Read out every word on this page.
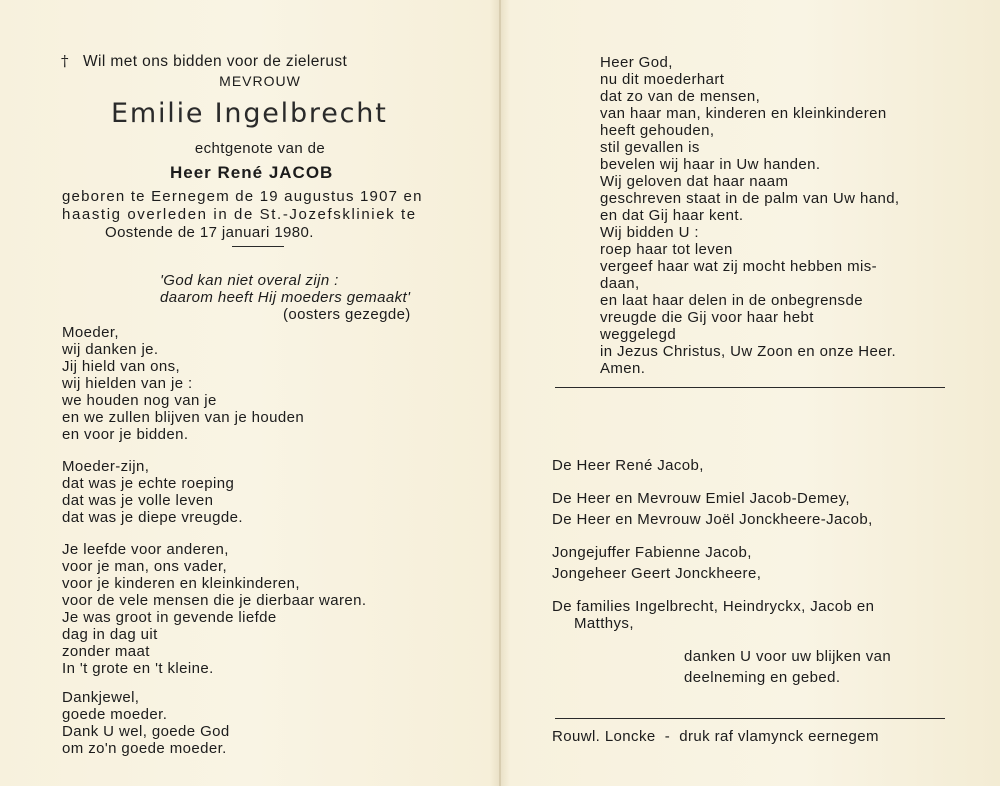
† Wil met ons bidden voor de zielerust
MEVROUW
Emilie Ingelbrecht
echtgenote van de
Heer René JACOB
geboren te Eernegem de 19 augustus 1907 en
haastig overleden in de St.-Jozefskliniek te
Oostende de 17 januari 1980.
'God kan niet overal zijn :
daarom heeft Hij moeders gemaakt'
(oosters gezegde)
Moeder,
wij danken je.
Jij hield van ons,
wij hielden van je :
we houden nog van je
en we zullen blijven van je houden
en voor je bidden.
Moeder-zijn,
dat was je echte roeping
dat was je volle leven
dat was je diepe vreugde.
Je leefde voor anderen,
voor je man, ons vader,
voor je kinderen en kleinkinderen,
voor de vele mensen die je dierbaar waren.
Je was groot in gevende liefde
dag in dag uit
zonder maat
In 't grote en 't kleine.
Dankjewel,
goede moeder.
Dank U wel, goede God
om zo'n goede moeder.
Heer God,
nu dit moederhart
dat zo van de mensen,
van haar man, kinderen en kleinkinderen
heeft gehouden,
stil gevallen is
bevelen wij haar in Uw handen.
Wij geloven dat haar naam
geschreven staat in de palm van Uw hand,
en dat Gij haar kent.
Wij bidden U :
roep haar tot leven
vergeef haar wat zij mocht hebben mis-
daan,
en laat haar delen in de onbegrensde
vreugde die Gij voor haar hebt
weggelegd
in Jezus Christus, Uw Zoon en onze Heer.
Amen.
De Heer René Jacob,
De Heer en Mevrouw Emiel Jacob-Demey,
De Heer en Mevrouw Joël Jonckheere-Jacob,
Jongejuffer Fabienne Jacob,
Jongeheer Geert Jonckheere,
De families Ingelbrecht, Heindryckx, Jacob en
Matthys,
danken U voor uw blijken van
deelneming en gebed.
Rouwl. Loncke  -  druk raf vlamynck eernegem
